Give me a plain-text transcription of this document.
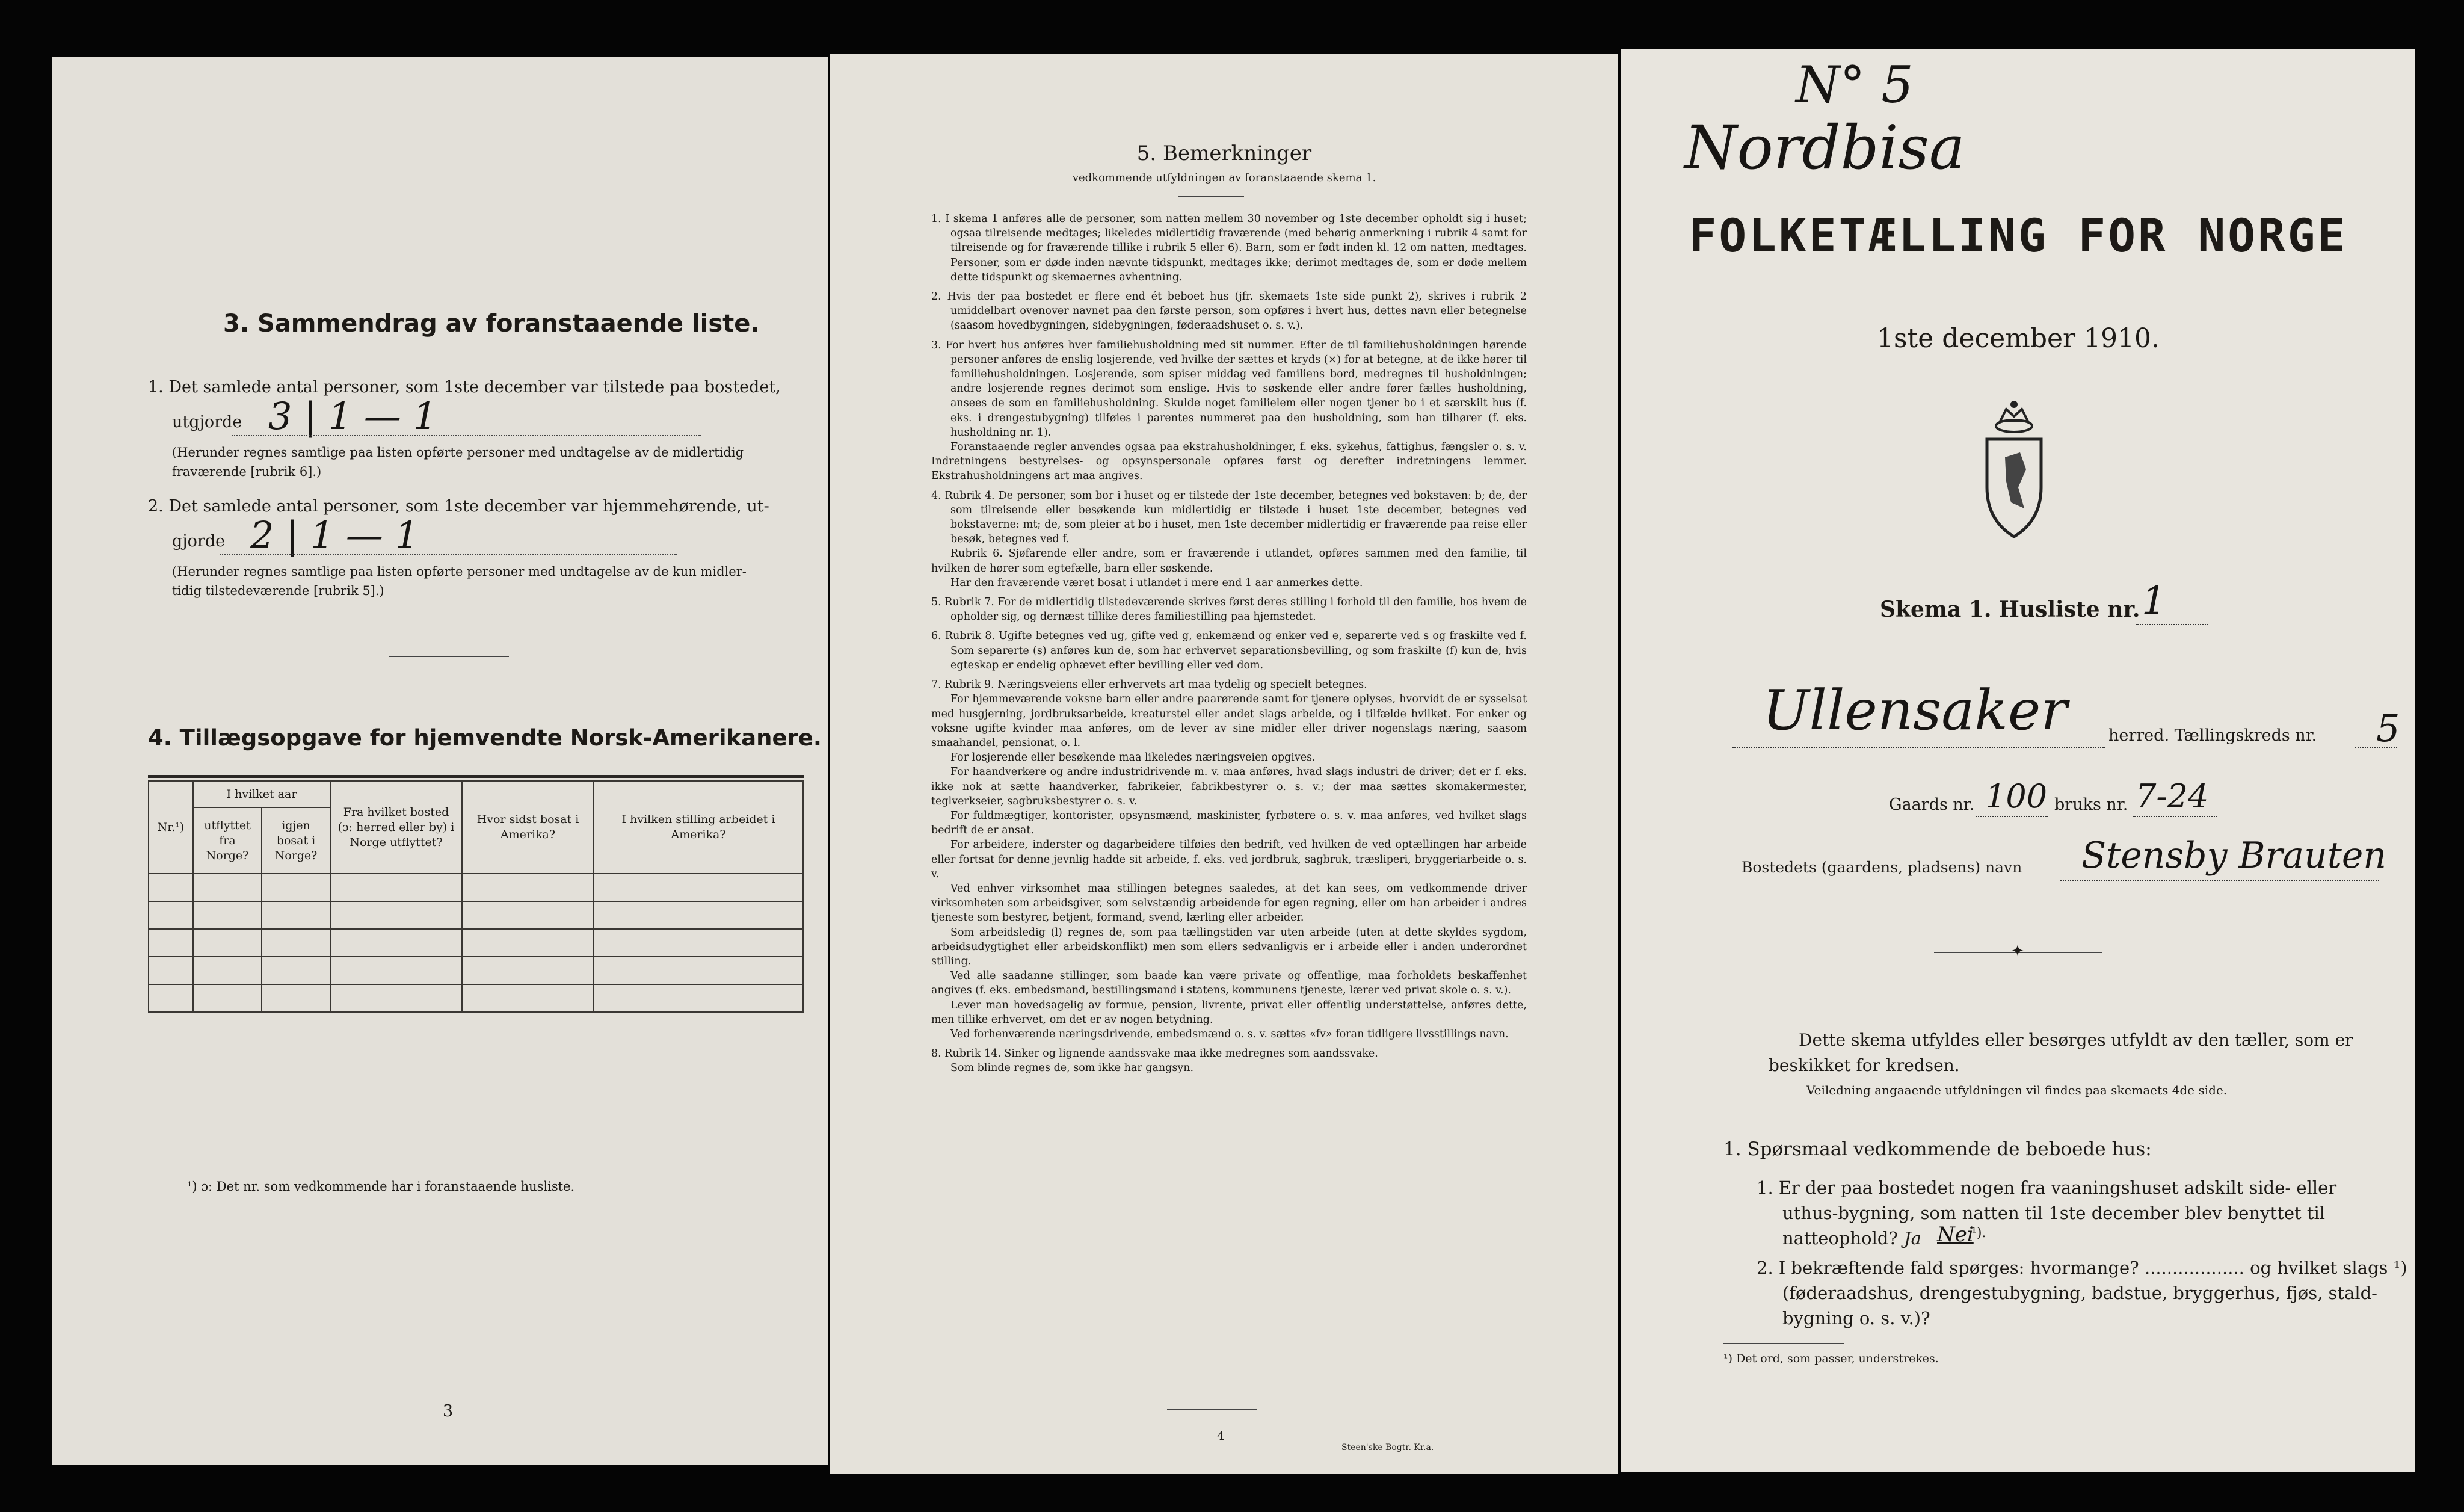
3. Sammendrag av foranstaaende liste.
1. Det samlede antal personer, som 1ste december var tilstede paa bostedet,
utgjorde 3 | 1 — 1
(Herunder regnes samtlige paa listen opførte personer med undtagelse av de midlertidig
fraværende [rubrik 6].)
2. Det samlede antal personer, som 1ste december var hjemmehørende, ut-
gjorde 2 | 1 — 1
(Herunder regnes samtlige paa listen opførte personer med undtagelse av de kun midler-
tidig tilstedeværende [rubrik 5].)
4. Tillægsopgave for hjemvendte Norsk-Amerikanere.
Nr.¹)	I hvilket aar		Fra hvilket bosted (ɔ: herred eller by) i Norge utflyttet?	Hvor sidst bosat i Amerika?	I hvilken stilling arbeidet i Amerika?
	utflyttet fra Norge?	igjen bosat i Norge?			

¹) ɔ: Det nr. som vedkommende har i foranstaaende husliste.
3
5. Bemerkninger
vedkommende utfyldningen av foranstaaende skema 1.

1. I skema 1 anføres alle de personer, som natten mellem 30 november og 1ste december opholdt sig i huset; ogsaa tilreisende medtages; likeledes midlertidig fraværende (med behørig anmerkning i rubrik 4 samt for tilreisende og for fraværende tillike i rubrik 5 eller 6). Barn, som er født inden kl. 12 om natten, medtages. Personer, som er døde inden nævnte tidspunkt, medtages ikke; derimot medtages de, som er døde mellem dette tidspunkt og skemaernes avhentning.

2. Hvis der paa bostedet er flere end ét beboet hus (jfr. skemaets 1ste side punkt 2), skrives i rubrik 2 umiddelbart ovenover navnet paa den første person, som opføres i hvert hus, dettes navn eller betegnelse (saasom hovedbygningen, sidebygningen, føderaadshuset o. s. v.).

3. For hvert hus anføres hver familiehusholdning med sit nummer. Efter de til familiehusholdningen hørende personer anføres de enslig losjerende, ved hvilke der sættes et kryds (×) for at betegne, at de ikke hører til familiehusholdningen. Losjerende, som spiser middag ved familiens bord, medregnes til husholdningen; andre losjerende regnes derimot som enslige. Hvis to søskende eller andre fører fælles husholdning, ansees de som en familiehusholdning. Skulde noget familielem eller nogen tjener bo i et særskilt hus (f. eks. i drengestubygning) tilføies i parentes nummeret paa den husholdning, som han tilhører (f. eks. husholdning nr. 1).

Foranstaaende regler anvendes ogsaa paa ekstrahusholdninger, f. eks. sykehus, fattighus, fængsler o. s. v. Indretningens bestyrelses- og opsynspersonale opføres først og derefter indretningens lemmer. Ekstrahusholdningens art maa angives.

4. Rubrik 4. De personer, som bor i huset og er tilstede der 1ste december, betegnes ved bokstaven: b; de, der som tilreisende eller besøkende kun midlertidig er tilstede i huset 1ste december, betegnes ved bokstaverne: mt; de, som pleier at bo i huset, men 1ste december midlertidig er fraværende paa reise eller besøk, betegnes ved f.

Rubrik 6. Sjøfarende eller andre, som er fraværende i utlandet, opføres sammen med den familie, til hvilken de hører som egtefælle, barn eller søskende.

Har den fraværende været bosat i utlandet i mere end 1 aar anmerkes dette.

5. Rubrik 7. For de midlertidig tilstedeværende skrives først deres stilling i forhold til den familie, hos hvem de opholder sig, og dernæst tillike deres familiestilling paa hjemstedet.

6. Rubrik 8. Ugifte betegnes ved ug, gifte ved g, enkemænd og enker ved e, separerte ved s og fraskilte ved f. Som separerte (s) anføres kun de, som har erhvervet separationsbevilling, og som fraskilte (f) kun de, hvis egteskap er endelig ophævet efter bevilling eller ved dom.

7. Rubrik 9. Næringsveiens eller erhvervets art maa tydelig og specielt betegnes.

For hjemmeværende voksne barn eller andre paarørende samt for tjenere oplyses, hvorvidt de er sysselsat med husgjerning, jordbruksarbeide, kreaturstel eller andet slags arbeide, og i tilfælde hvilket. For enker og voksne ugifte kvinder maa anføres, om de lever av sine midler eller driver nogenslags næring, saasom smaahandel, pensionat, o. l.

For losjerende eller besøkende maa likeledes næringsveien opgives.

For haandverkere og andre industridrivende m. v. maa anføres, hvad slags industri de driver; det er f. eks. ikke nok at sætte haandverker, fabrikeier, fabrikbestyrer o. s. v.; der maa sættes skomakermester, teglverkseier, sagbruksbestyrer o. s. v.

For fuldmægtiger, kontorister, opsynsmænd, maskinister, fyrbøtere o. s. v. maa anføres, ved hvilket slags bedrift de er ansat.

For arbeidere, inderster og dagarbeidere tilføies den bedrift, ved hvilken de ved optællingen har arbeide eller fortsat for denne jevnlig hadde sit arbeide, f. eks. ved jordbruk, sagbruk, træsliperi, bryggeriarbeide o. s. v.

Ved enhver virksomhet maa stillingen betegnes saaledes, at det kan sees, om vedkommende driver virksomheten som arbeidsgiver, som selvstændig arbeidende for egen regning, eller om han arbeider i andres tjeneste som bestyrer, betjent, formand, svend, lærling eller arbeider.

Som arbeidsledig (l) regnes de, som paa tællingstiden var uten arbeide (uten at dette skyldes sygdom, arbeidsudygtighet eller arbeidskonflikt) men som ellers sedvanligvis er i arbeide eller i anden underordnet stilling.

Ved alle saadanne stillinger, som baade kan være private og offentlige, maa forholdets beskaffenhet angives (f. eks. embedsmand, bestillingsmand i statens, kommunens tjeneste, lærer ved privat skole o. s. v.).

Lever man hovedsagelig av formue, pension, livrente, privat eller offentlig understøttelse, anføres dette, men tillike erhvervet, om det er av nogen betydning.

Ved forhenværende næringsdrivende, embedsmænd o. s. v. sættes «fv» foran tidligere livsstillings navn.

8. Rubrik 14. Sinker og lignende aandssvake maa ikke medregnes som aandssvake.

Som blinde regnes de, som ikke har gangsyn.

4
Steen'ske Bogtr. Kr.a.
N° 5
Nordbisa
FOLKETÆLLING FOR NORGE
1ste december 1910.
Skema 1. Husliste nr. 1
Ullensaker	herred. Tællingskreds nr. 5
Gaards nr. 100 bruks nr. 7-24
Bostedets (gaardens, pladsens) navn Stensby Brauten
✦
Dette skema utfyldes eller besørges utfyldt av den tæller, som er
beskikket for kredsen.
Veiledning angaaende utfyldningen vil findes paa skemaets 4de side.
1. Spørsmaal vedkommende de beboede hus:
1. Er der paa bostedet nogen fra vaaningshuset adskilt side- eller
uthus-bygning, som natten til 1ste december blev benyttet til
natteophold? Ja Nei
¹).
2. I bekræftende fald spørges: hvormange? .................. og hvilket slags ¹)
(føderaadshus, drengestubygning, badstue, bryggerhus, fjøs, stald-
bygning o. s. v.)?
¹) Det ord, som passer, understrekes.
